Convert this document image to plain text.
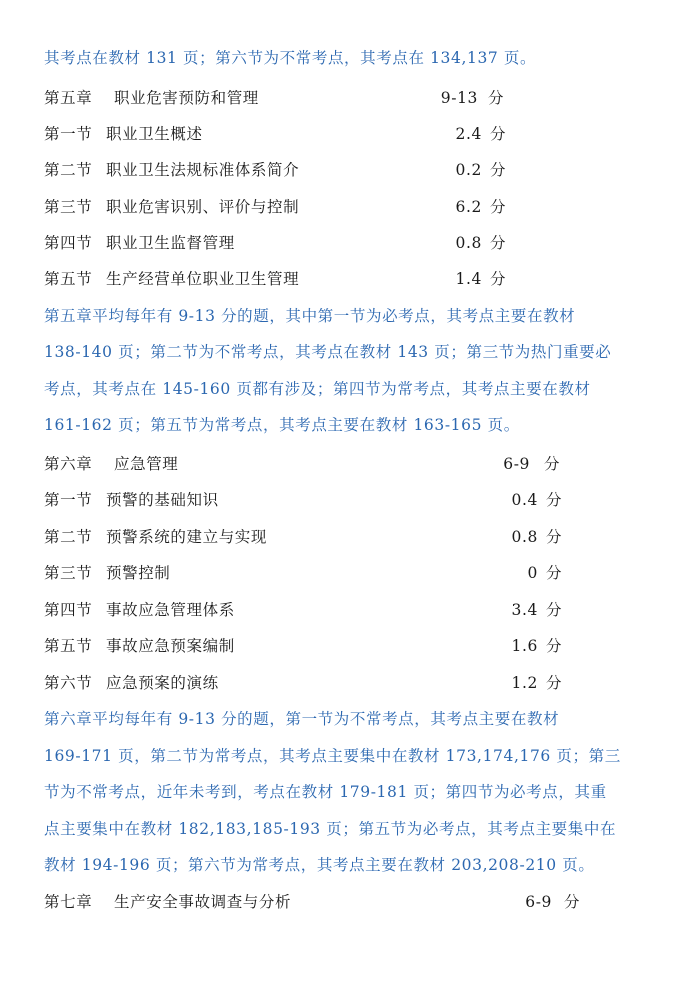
其考点在教材 131 页；第六节为不常考点，其考点在 134,137 页。
第五章 职业危害预防和管理	9-13 分
第一节 职业卫生概述	2.4 分
第二节 职业卫生法规标准体系简介	0.2 分
第三节 职业危害识别、评价与控制	6.2 分
第四节 职业卫生监督管理	0.8 分
第五节 生产经营单位职业卫生管理	1.4 分
第五章平均每年有 9-13 分的题，其中第一节为必考点，其考点主要在教材
138-140 页；第二节为不常考点，其考点在教材 143 页；第三节为热门重要必
考点，其考点在 145-160 页都有涉及；第四节为常考点，其考点主要在教材
161-162 页；第五节为常考点，其考点主要在教材 163-165 页。
第六章 应急管理	6-9 分
第一节 预警的基础知识	0.4 分
第二节 预警系统的建立与实现	0.8 分
第三节 预警控制	0 分
第四节 事故应急管理体系	3.4 分
第五节 事故应急预案编制	1.6 分
第六节 应急预案的演练	1.2 分
第六章平均每年有 9-13 分的题，第一节为不常考点，其考点主要在教材
169-171 页，第二节为常考点，其考点主要集中在教材 173,174,176 页；第三
节为不常考点，近年未考到，考点在教材 179-181 页；第四节为必考点，其重
点主要集中在教材 182,183,185-193 页；第五节为必考点，其考点主要集中在
教材 194-196 页；第六节为常考点，其考点主要在教材 203,208-210 页。
第七章 生产安全事故调查与分析	6-9 分
